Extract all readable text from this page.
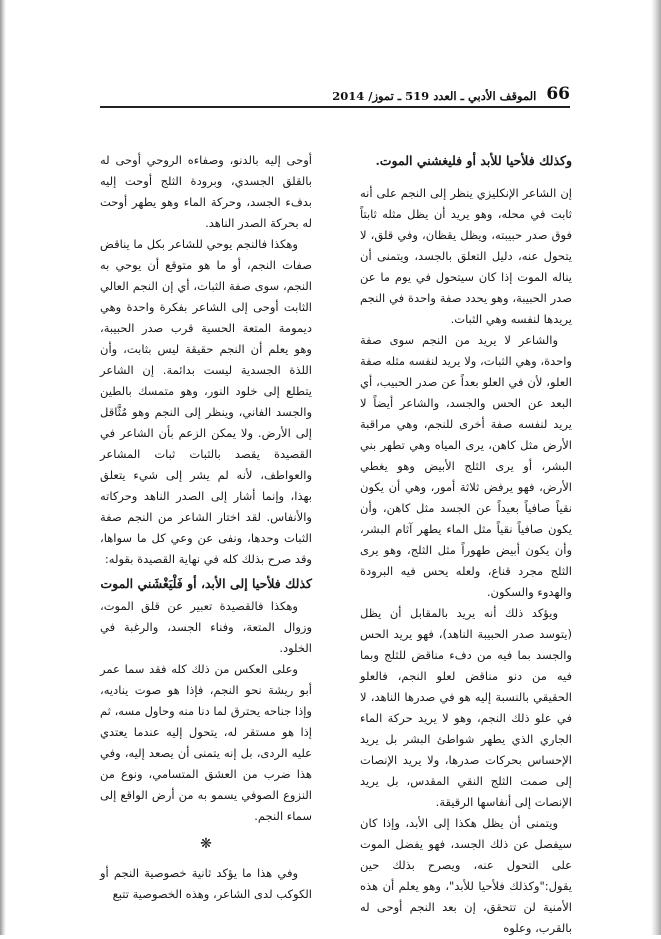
66
الموقف الأدبي ـ العدد 519 ـ تموز/ 2014
وكذلك فلأحيا للأبد أو فليغشني الموت.

إن الشاعر الإنكليزي ينظر إلى النجم على أنه ثابت في محله، وهو يريد أن يظل مثله ثابتاً فوق صدر حبيبته، ويظل يقظان، وفي قلق، لا يتحول عنه، دليل التعلق بالجسد، ويتمنى أن يناله الموت إذا كان سيتحول في يوم ما عن صدر الحبيبة، وهو يحدد صفة واحدة في النجم يريدها لنفسه وهي الثبات.

والشاعر لا يريد من النجم سوى صفة واحدة، وهي الثبات، ولا يريد لنفسه مثله صفة العلو، لأن في العلو بعداً عن صدر الحبيب، أي البعد عن الحس والجسد، والشاعر أيضاً لا يريد لنفسه صفة أخرى للنجم، وهي مراقبة الأرض مثل كاهن، يرى المياه وهي تطهر بني البشر، أو يرى الثلج الأبيض وهو يغطي الأرض، فهو يرفض ثلاثة أمور، وهي أن يكون نقياً صافياً بعيداً عن الجسد مثل كاهن، وأن يكون صافياً نقياً مثل الماء يطهر آثام البشر، وأن يكون أبيض طهوراً مثل الثلج، وهو يرى الثلج مجرد قناع، ولعله يحس فيه البرودة والهدوء والسكون.

ويؤكد ذلك أنه يريد بالمقابل أن يظل (يتوسد صدر الحبيبة الناهد)، فهو يريد الحس والجسد بما فيه من دفء مناقض للثلج وبما فيه من دنو مناقض لعلو النجم، فالعلو الحقيقي بالنسبة إليه هو في صدرها الناهد، لا في علو ذلك النجم، وهو لا يريد حركة الماء الجاري الذي يطهر شواطئ البشر بل يريد الإحساس بحركات صدرها، ولا يريد الإنصات إلى صمت الثلج النقي المقدس، بل يريد الإنصات إلى أنفاسها الرقيقة.

ويتمنى أن يظل هكذا إلى الأبد، وإذا كان سيفصل عن ذلك الجسد، فهو يفضل الموت على التحول عنه، ويصرح بذلك حين يقول:"وكذلك فلأحيا للأبد"، وهو يعلم أن هذه الأمنية لن تتحقق، إن بعد النجم أوحى له بالقرب، وعلوه

أوحى إليه بالدنو، وصفاءه الروحي أوحى له بالقلق الجسدي، وبرودة الثلج أوحت إليه بدفء الجسد، وحركة الماء وهو يطهر أوحت له بحركة الصدر الناهد.

وهكذا فالنجم يوحي للشاعر بكل ما يناقض صفات النجم، أو ما هو متوقع أن يوحي به النجم، سوى صفة الثبات، أي إن النجم العالي الثابت أوحى إلى الشاعر بفكرة واحدة وهي ديمومة المتعة الحسية قرب صدر الحبيبة، وهو يعلم أن النجم حقيقة ليس بثابت، وأن اللذة الجسدية ليست بدائمة. إن الشاعر يتطلع إلى خلود النور، وهو متمسك بالطين والجسد الفاني، وينظر إلى النجم وهو مُثَّاقل إلى الأرض. ولا يمكن الزعم بأن الشاعر في القصيدة يقصد بالثبات ثبات المشاعر والعواطف، لأنه لم يشر إلى شيء يتعلق بهذا، وإنما أشار إلى الصدر الناهد وحركاته والأنفاس. لقد اختار الشاعر من النجم صفة الثبات وحدها، ونفى عن وعي كل ما سواها، وقد صرح بذلك كله في نهاية القصيدة بقوله:

كذلك فلأحيا إلى الأبد، أو فَلْيَغْشَني الموت

وهكذا فالقصيدة تعبير عن قلق الموت، وزوال المتعة، وفناء الجسد، والرغبة في الخلود.

وعلى العكس من ذلك كله فقد سما عمر أبو ريشة نحو النجم، فإذا هو صوت يناديه، وإذا جناحه يحترق لما دنا منه وحاول مسه، ثم إذا هو مستقر له، يتحول إليه عندما يعتدي عليه الردى، بل إنه يتمنى أن يصعد إليه، وفي هذا ضرب من العشق المتسامي، ونوع من النزوع الصوفي يسمو به من أرض الواقع إلى سماء النجم.

❋

وفي هذا ما يؤكد ثانية خصوصية النجم أو الكوكب لدى الشاعر، وهذه الخصوصية تتبع
